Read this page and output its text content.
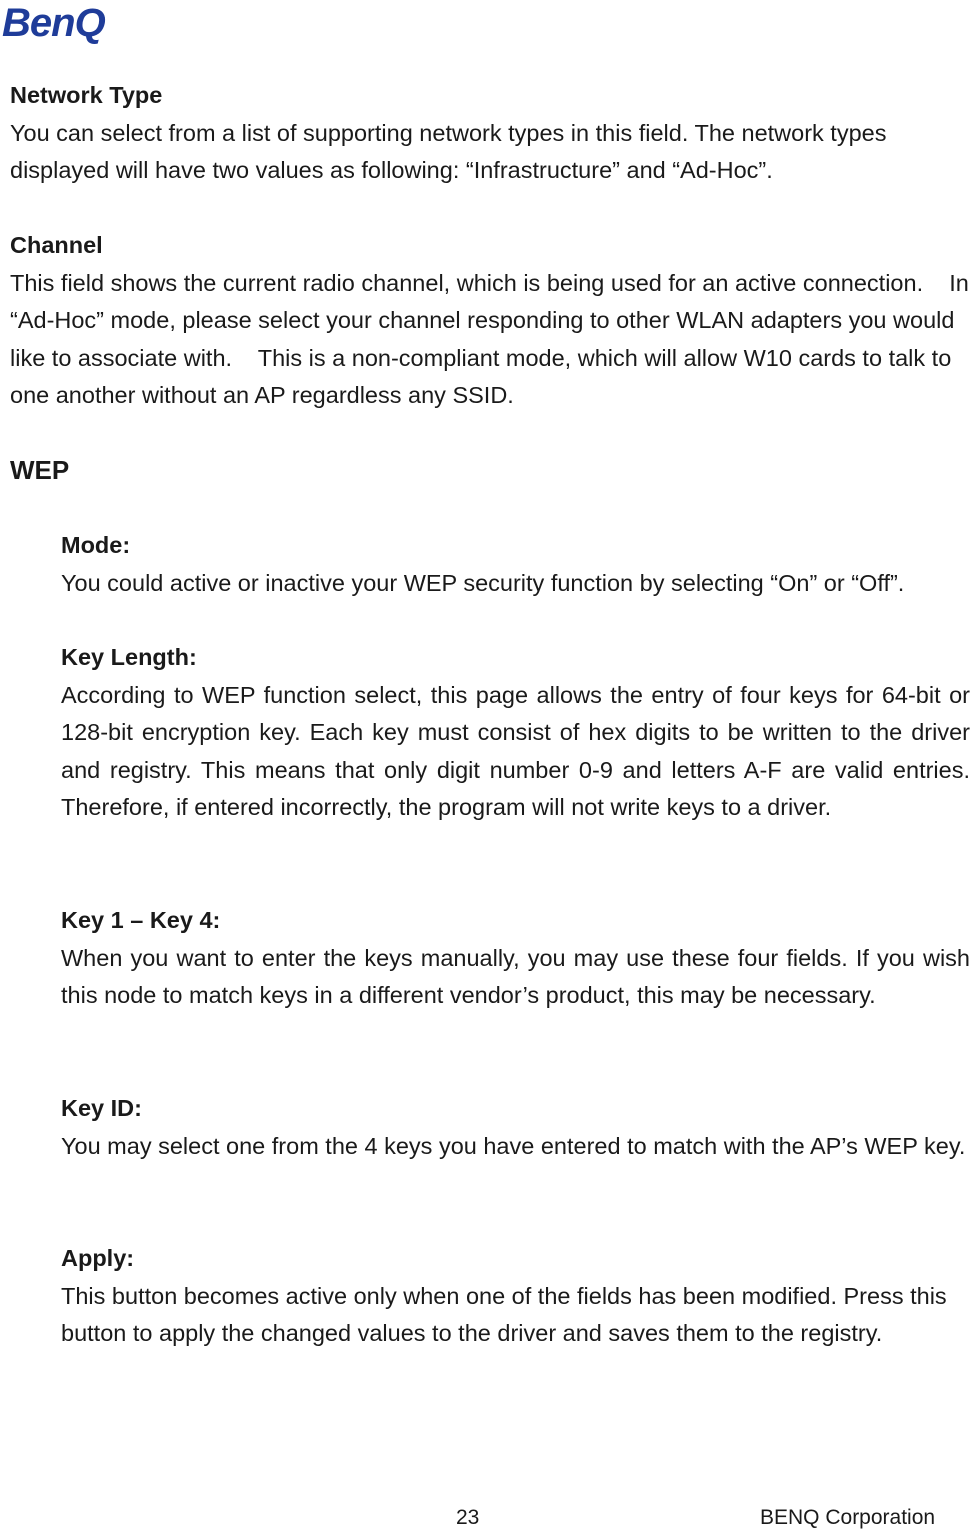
BenQ
Network Type

You can select from a list of supporting network types in this field. The network types displayed will have two values as following: “Infrastructure” and “Ad-Hoc”.

Channel

This field shows the current radio channel, which is being used for an active connection.    In “Ad-Hoc” mode, please select your channel responding to other WLAN adapters you would like to associate with.    This is a non-compliant mode, which will allow W10 cards to talk to one another without an AP regardless any SSID.

WEP
Mode:

You could active or inactive your WEP security function by selecting “On” or “Off”.

Key Length:

According to WEP function select, this page allows the entry of four keys for 64-bit or 128-bit encryption key. Each key must consist of hex digits to be written to the driver and registry. This means that only digit number 0-9 and letters A-F are valid entries. Therefore, if entered incorrectly, the program will not write keys to a driver.

Key 1 – Key 4:

When you want to enter the keys manually, you may use these four fields. If you wish this node to match keys in a different vendor’s product, this may be necessary.

Key ID:

You may select one from the 4 keys you have entered to match with the AP’s WEP key.

Apply:

This button becomes active only when one of the fields has been modified. Press this button to apply the changed values to the driver and saves them to the registry.

23	BENQ Corporation
